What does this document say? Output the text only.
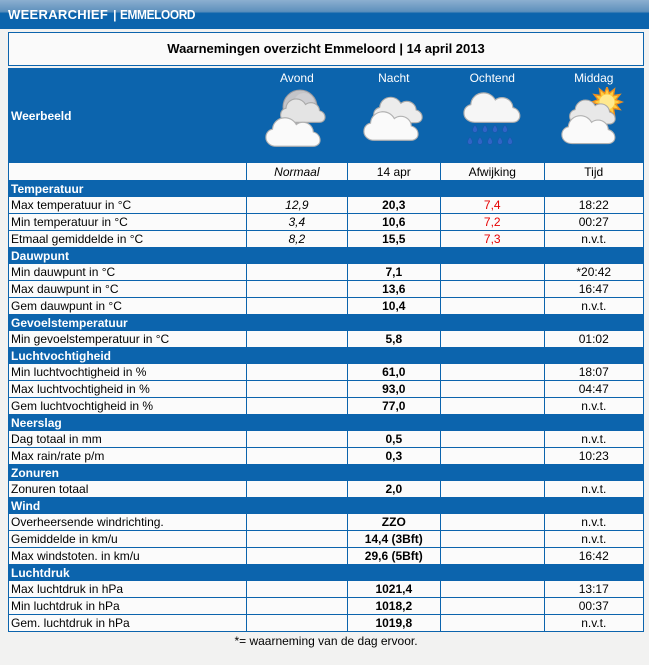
WEERARCHIEF | EMMELOORD
Waarnemingen overzicht Emmeloord | 14 april 2013
Weerbeeld	Avond	Nacht	Ochtend	Middag

	Normaal	14 apr	Afwijking	Tijd
Temperatuur				
Max temperatuur in °C	12,9	20,3	7,4	18:22
Min temperatuur in °C	3,4	10,6	7,2	00:27
Etmaal gemiddelde in °C	8,2	15,5	7,3	n.v.t.
Dauwpunt				
Min dauwpunt in °C		7,1		*20:42
Max dauwpunt in °C		13,6		16:47
Gem dauwpunt in °C		10,4		n.v.t.
Gevoelstemperatuur				
Min gevoelstemperatuur in °C		5,8		01:02
Luchtvochtigheid				
Min luchtvochtigheid in %		61,0		18:07
Max luchtvochtigheid in %		93,0		04:47
Gem luchtvochtigheid in %		77,0		n.v.t.
Neerslag				
Dag totaal in mm		0,5		n.v.t.
Max rain/rate p/m		0,3		10:23
Zonuren				
Zonuren totaal		2,0		n.v.t.
Wind				
Overheersende windrichting.		ZZO		n.v.t.
Gemiddelde in km/u		14,4 (3Bft)		n.v.t.
Max windstoten. in km/u		29,6 (5Bft)		16:42
Luchtdruk				
Max luchtdruk in hPa		1021,4		13:17
Min luchtdruk in hPa		1018,2		00:37
Gem. luchtdruk in hPa		1019,8		n.v.t.
*= waarneming van de dag ervoor.
